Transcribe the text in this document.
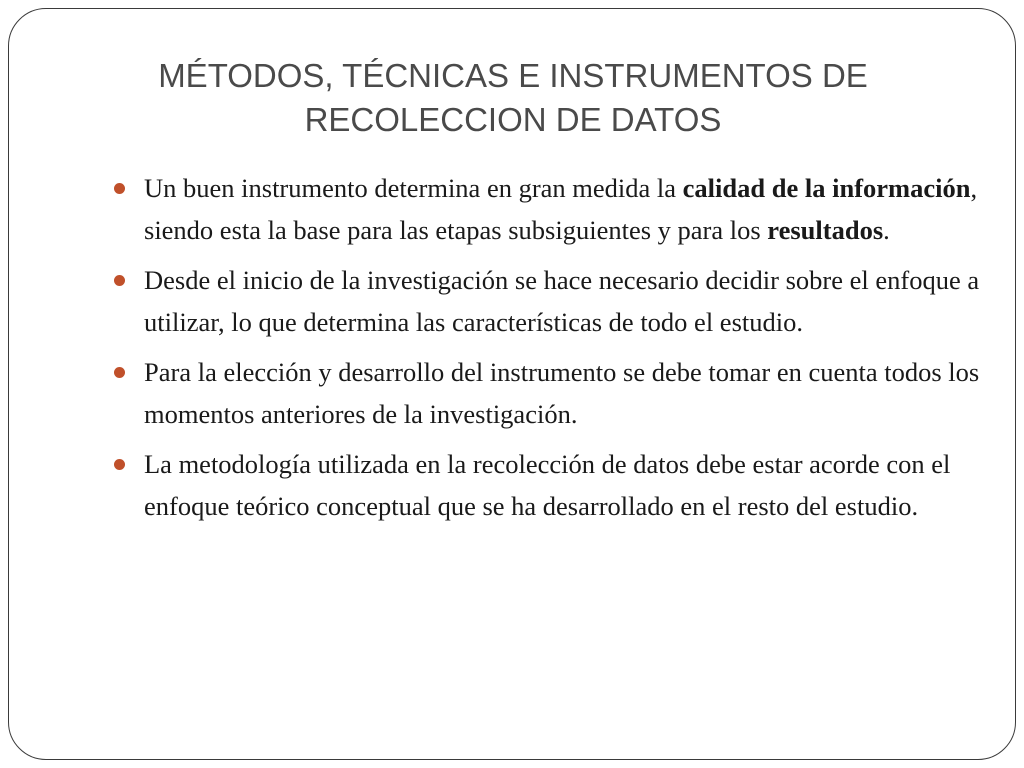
MÉTODOS, TÉCNICAS E INSTRUMENTOS DE
RECOLECCION DE DATOS
Un buen instrumento determina en gran medida la calidad de la información, siendo esta la base para las etapas subsiguientes y para los resultados.
Desde el inicio de la investigación se hace necesario decidir sobre el enfoque a utilizar, lo que determina las características de todo el estudio.
Para la elección y desarrollo del instrumento se debe tomar en cuenta todos los momentos anteriores de la investigación.
La metodología utilizada en la recolección de datos debe estar acorde con el enfoque teórico conceptual que se ha desarrollado en el resto del estudio.
